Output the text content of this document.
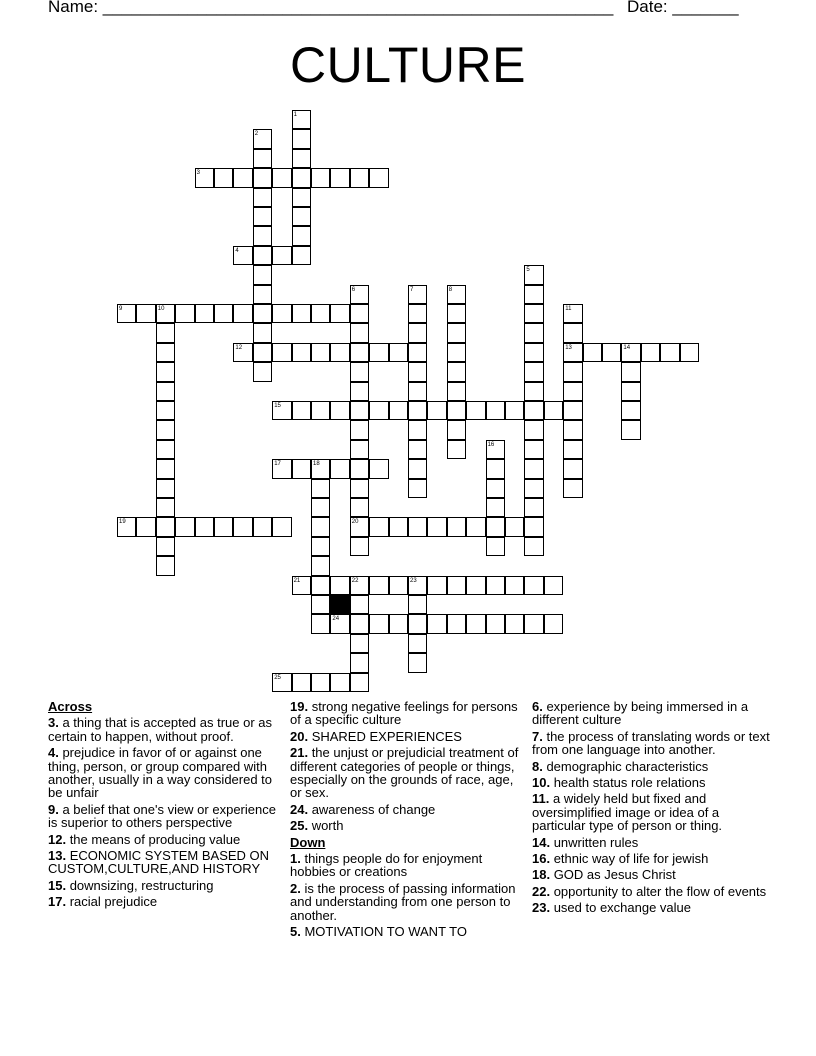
Name: ______________________________________________________ Date: _______
CULTURE
1
2
3
4
5
6
20
7	8
9	10	11
13
12	14
15
16
17	18
19
21	22	23
24
25
Across
3. a thing that is accepted as true or as certain to happen, without proof.
4. prejudice in favor of or against one thing, person, or group compared with another, usually in a way considered to be unfair
9. a belief that one's view or experience is superior to others perspective
12. the means of producing value
13. ECONOMIC SYSTEM BASED ON CUSTOM,CULTURE,AND HISTORY
15. downsizing, restructuring
17. racial prejudice
19. strong negative feelings for persons of a specific culture
20. SHARED EXPERIENCES
21. the unjust or prejudicial treatment of different categories of people or things, especially on the grounds of race, age, or sex.
24. awareness of change
25. worth
Down
1. things people do for enjoyment hobbies or creations
2. is the process of passing information and understanding from one person to another.
5. MOTIVATION TO WANT TO
6. experience by being immersed in a different culture
7. the process of translating words or text from one language into another.
8. demographic characteristics
10. health status role relations
11. a widely held but fixed and oversimplified image or idea of a particular type of person or thing.
14. unwritten rules
16. ethnic way of life for jewish
18. GOD as Jesus Christ
22. opportunity to alter the flow of events
23. used to exchange value
